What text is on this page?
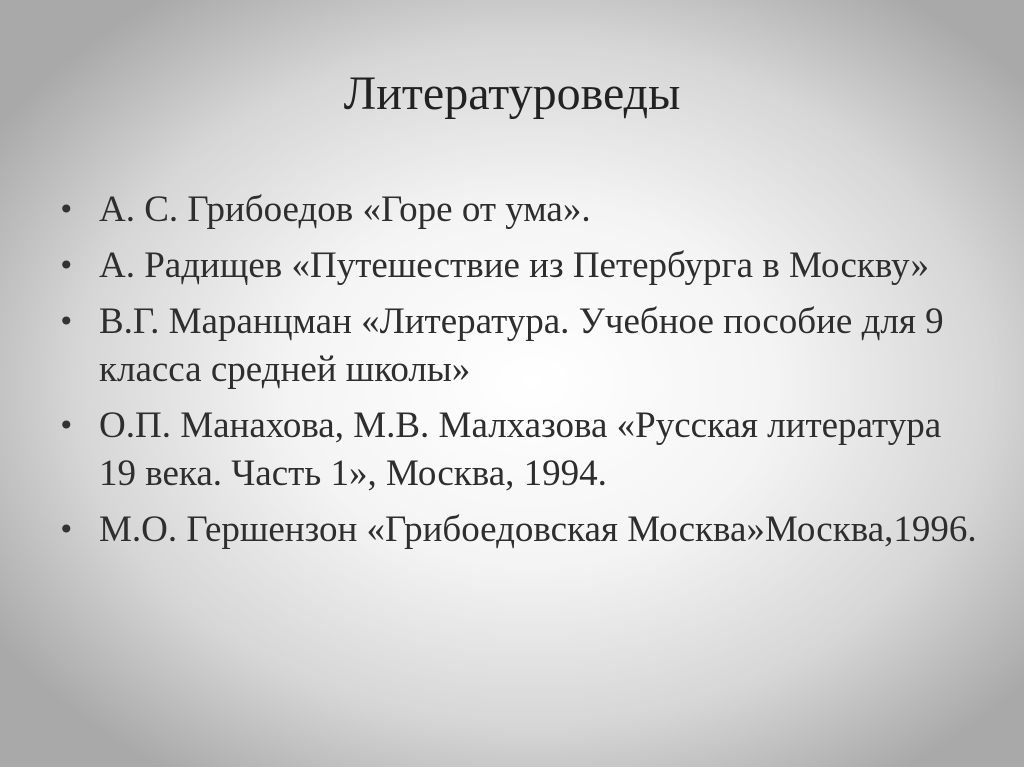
Литературоведы
• А. С. Грибоедов «Горе от ума».
• А. Радищев «Путешествие из Петербурга в Москву»
• В.Г. Маранцман «Литература. Учебное пособие для 9 класса средней школы»
• О.П. Манахова, М.В. Малхазова «Русская литература 19 века. Часть 1», Москва, 1994.
• М.О. Гершензон «Грибоедовская Москва»Москва,1996.
